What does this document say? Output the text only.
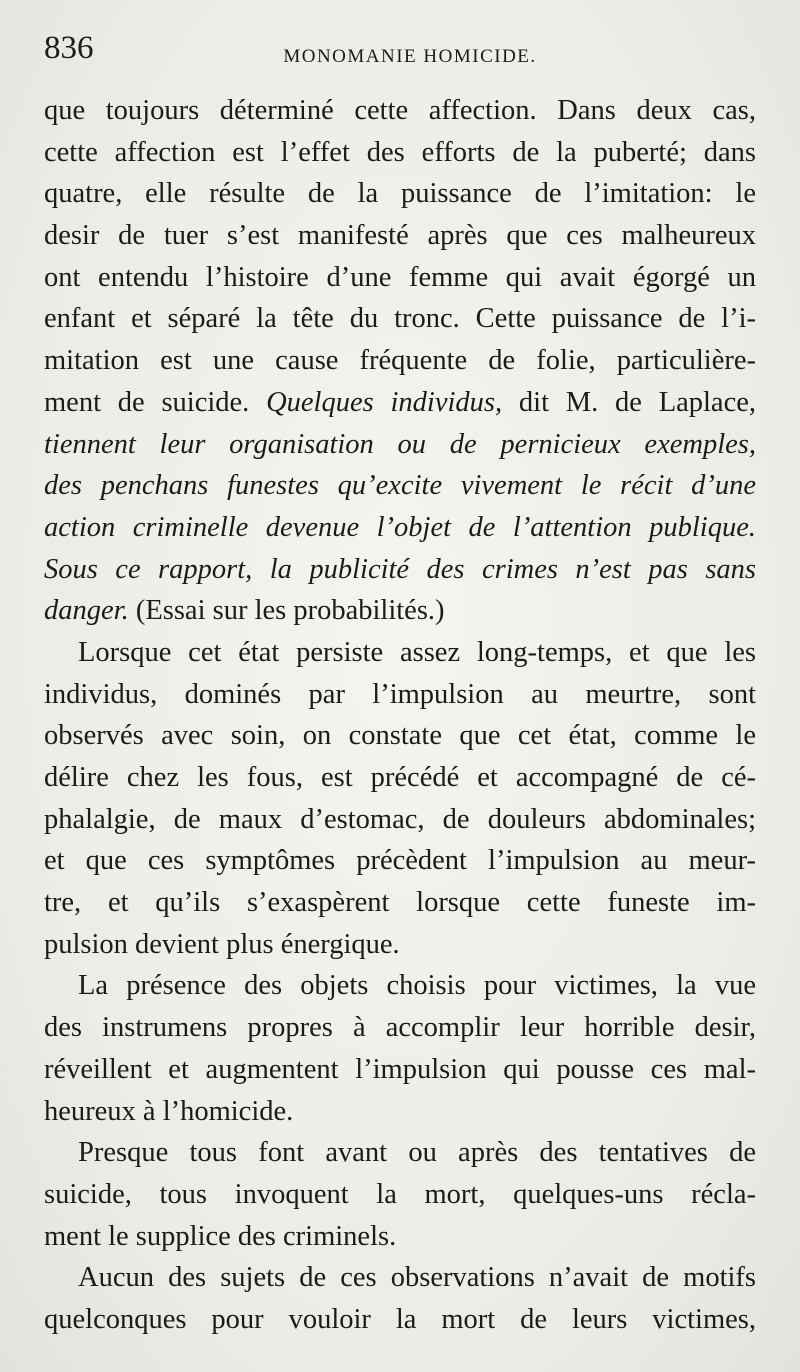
836	MONOMANIE HOMICIDE.
que toujours déterminé cette affection. Dans deux cas,
cette affection est l’effet des efforts de la puberté; dans
quatre, elle résulte de la puissance de l’imitation: le
desir de tuer s’est manifesté après que ces malheureux
ont entendu l’histoire d’une femme qui avait égorgé un
enfant et séparé la tête du tronc. Cette puissance de l’i-
mitation est une cause fréquente de folie, particulière-
ment de suicide. Quelques individus, dit M. de Laplace,
tiennent leur organisation ou de pernicieux exemples,
des penchans funestes qu’excite vivement le récit d’une
action criminelle devenue l’objet de l’attention publique.
Sous ce rapport, la publicité des crimes n’est pas sans
danger. (Essai sur les probabilités.)
Lorsque cet état persiste assez long-temps, et que les
individus, dominés par l’impulsion au meurtre, sont
observés avec soin, on constate que cet état, comme le
délire chez les fous, est précédé et accompagné de cé-
phalalgie, de maux d’estomac, de douleurs abdominales;
et que ces symptômes précèdent l’impulsion au meur-
tre, et qu’ils s’exaspèrent lorsque cette funeste im-
pulsion devient plus énergique.
La présence des objets choisis pour victimes, la vue
des instrumens propres à accomplir leur horrible desir,
réveillent et augmentent l’impulsion qui pousse ces mal-
heureux à l’homicide.
Presque tous font avant ou après des tentatives de
suicide, tous invoquent la mort, quelques-uns récla-
ment le supplice des criminels.
Aucun des sujets de ces observations n’avait de motifs
quelconques pour vouloir la mort de leurs victimes,
